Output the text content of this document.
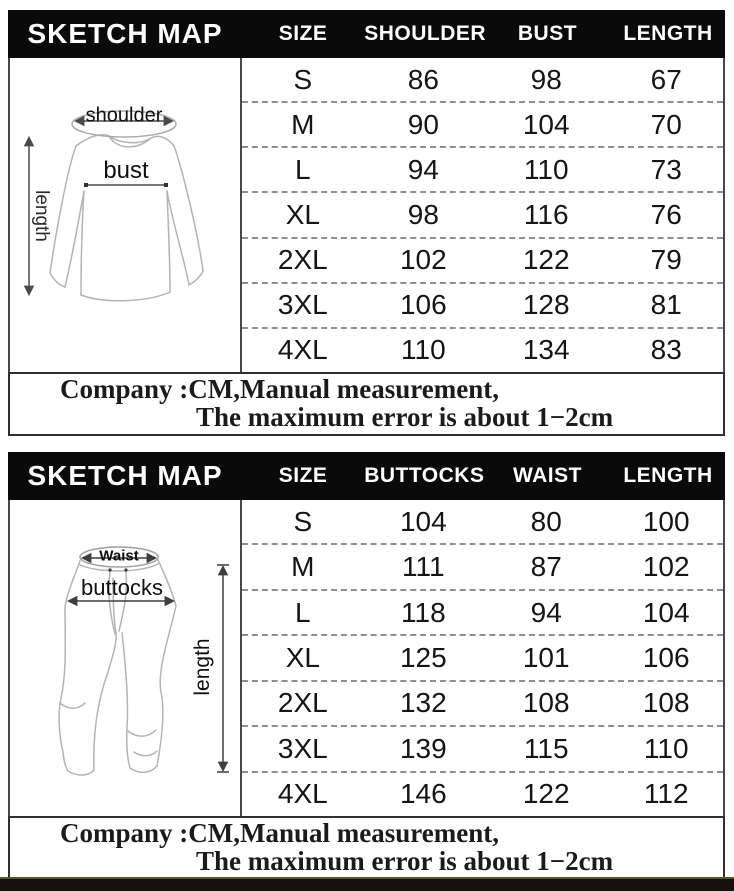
SKETCH MAP	SIZE	SHOULDER	BUST	LENGTH
shoulder
bust
length
S	86	98	67
M	90	104	70
L	94	110	73
XL	98	116	76
2XL	102	122	79
3XL	106	128	81
4XL	110	134	83
Company :CM,Manual measurement,
The maximum error is about 1−2cm
SKETCH MAP	SIZE	BUTTOCKS	WAIST	LENGTH
Waist
buttocks
length
S	104	80	100
M	111	87	102
L	118	94	104
XL	125	101	106
2XL	132	108	108
3XL	139	115	110
4XL	146	122	112
Company :CM,Manual measurement,
The maximum error is about 1−2cm
